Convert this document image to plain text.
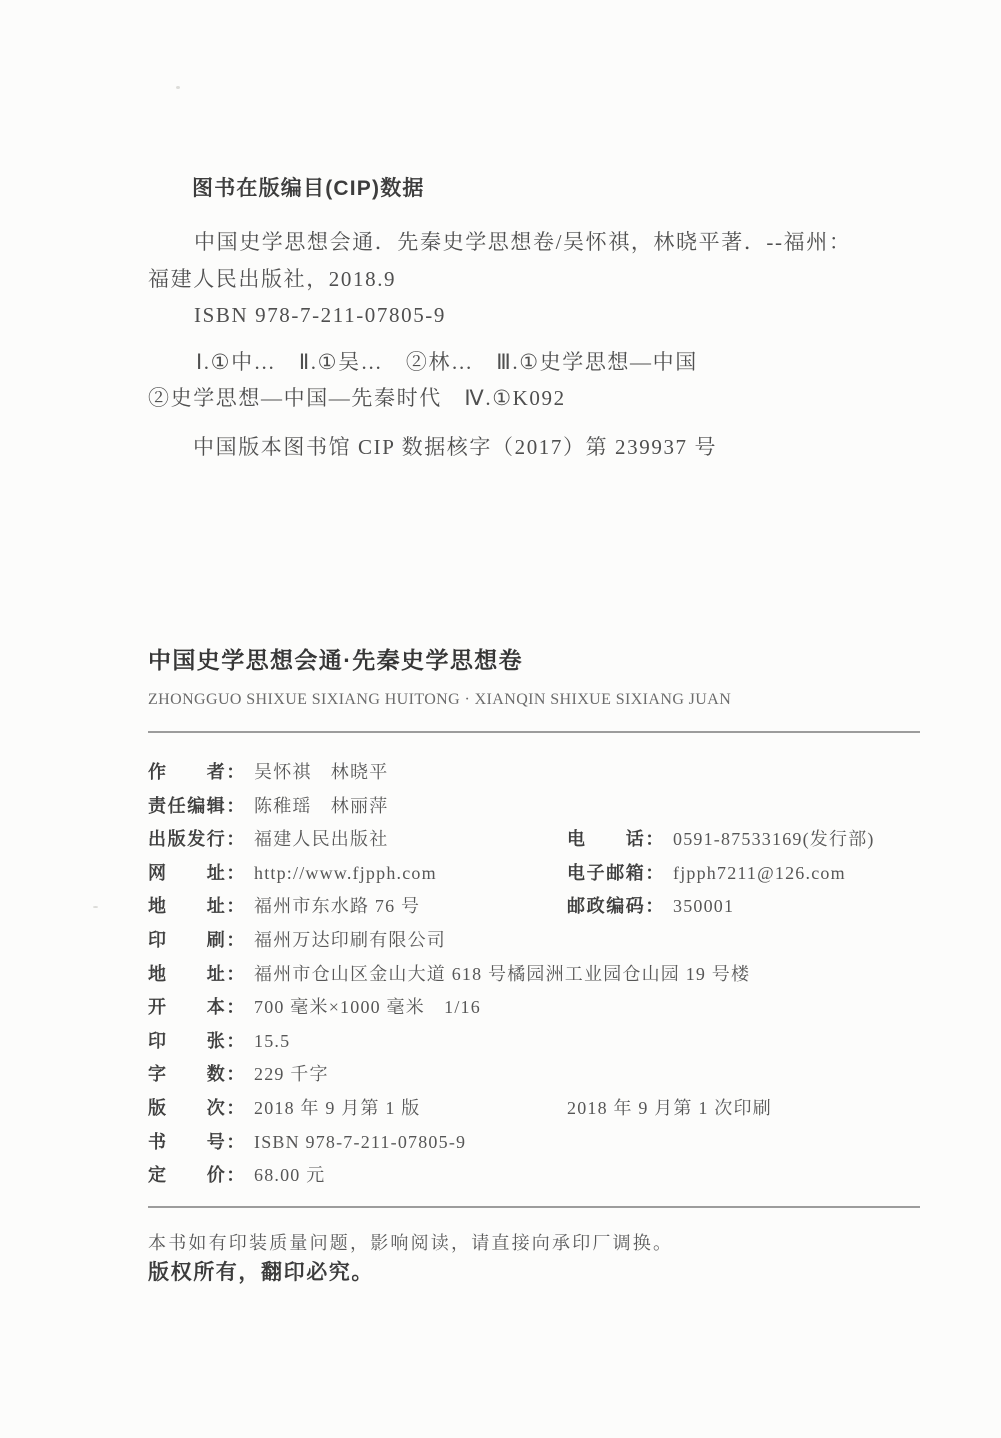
图书在版编目(CIP)数据
中国史学思想会通．先秦史学思想卷/吴怀祺，林晓平著．--福州：
福建人民出版社，2018.9
ISBN 978-7-211-07805-9
Ⅰ.①中…　Ⅱ.①吴…　②林…　Ⅲ.①史学思想—中国
②史学思想—中国—先秦时代　Ⅳ.①K092
中国版本图书馆 CIP 数据核字（2017）第 239937 号
中国史学思想会通·先秦史学思想卷
ZHONGGUO SHIXUE SIXIANG HUITONG · XIANQIN SHIXUE SIXIANG JUAN
作　　者： 吴怀祺　林晓平
责任编辑： 陈稚瑶　林丽萍
出版发行： 福建人民出版社	电　　话： 0591-87533169(发行部)
网　　址： http://www.fjpph.com	电子邮箱： fjpph7211@126.com
地　　址： 福州市东水路 76 号	邮政编码： 350001
印　　刷： 福州万达印刷有限公司
地　　址： 福州市仓山区金山大道 618 号橘园洲工业园仓山园 19 号楼
开　　本： 700 毫米×1000 毫米　1/16
印　　张： 15.5
字　　数： 229 千字
版　　次： 2018 年 9 月第 1 版	2018 年 9 月第 1 次印刷
书　　号： ISBN 978-7-211-07805-9
定　　价： 68.00 元
本书如有印装质量问题，影响阅读，请直接向承印厂调换。
版权所有，翻印必究。
